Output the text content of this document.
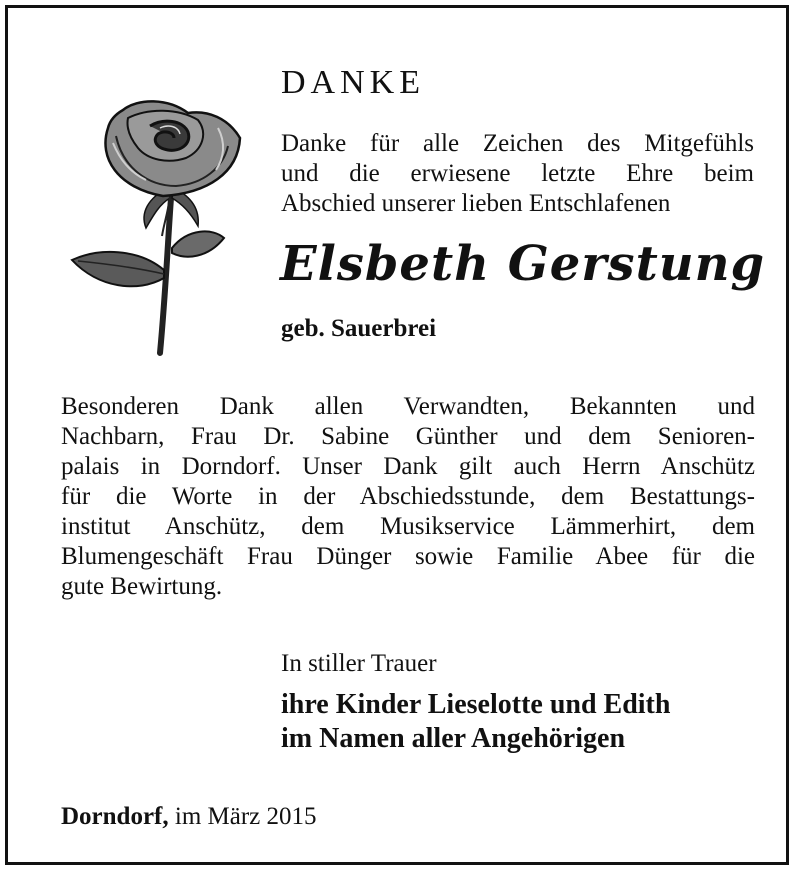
DANKE
Danke für alle Zeichen des Mitgefühls
und die erwiesene letzte Ehre beim
Abschied unserer lieben Entschlafenen
Elsbeth Gerstung
geb. Sauerbrei
Besonderen Dank allen Verwandten, Bekannten und
Nachbarn, Frau Dr. Sabine Günther und dem Senioren-
palais in Dorndorf. Unser Dank gilt auch Herrn Anschütz
für die Worte in der Abschiedsstunde, dem Bestattungs-
institut Anschütz, dem Musikservice Lämmerhirt, dem
Blumengeschäft Frau Dünger sowie Familie Abee für die
gute Bewirtung.
In stiller Trauer
ihre Kinder Lieselotte und Edith
im Namen aller Angehörigen
Dorndorf, im März 2015
